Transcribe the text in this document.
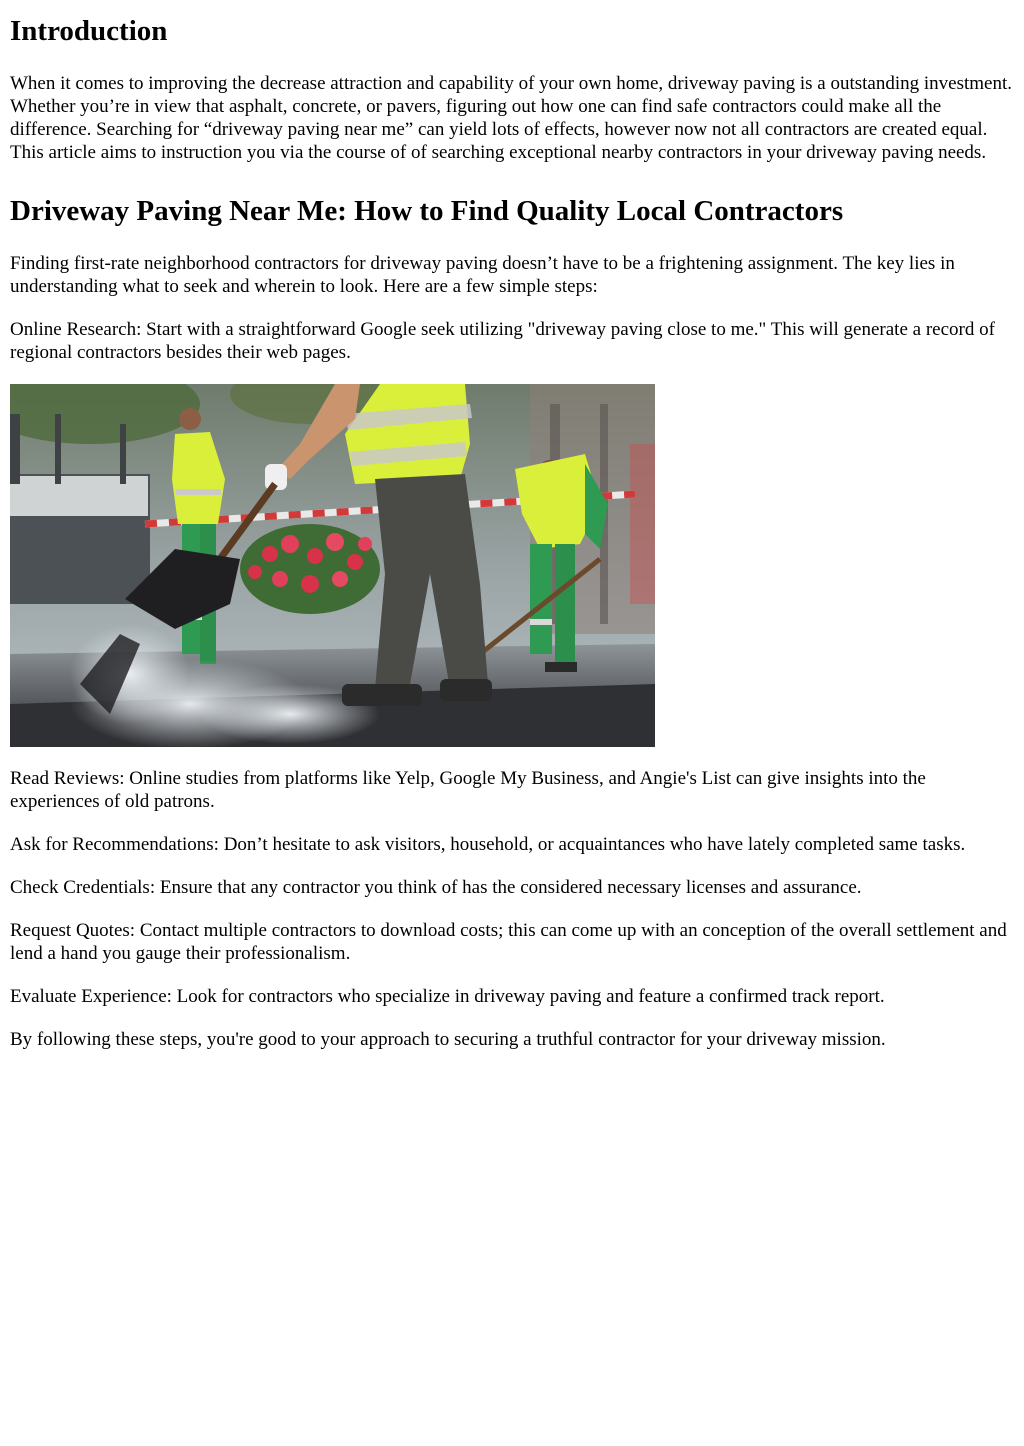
Introduction

When it comes to improving the decrease attraction and capability of your own home, driveway paving is a outstanding investment. Whether you’re in view that asphalt, concrete, or pavers, figuring out how one can find safe contractors could make all the difference. Searching for “driveway paving near me” can yield lots of effects, however now not all contractors are created equal. This article aims to instruction you via the course of of searching exceptional nearby contractors in your driveway paving needs.

Driveway Paving Near Me: How to Find Quality Local Contractors

Finding first-rate neighborhood contractors for driveway paving doesn’t have to be a frightening assignment. The key lies in understanding what to seek and wherein to look. Here are a few simple steps:

Online Research: Start with a straightforward Google seek utilizing "driveway paving close to me." This will generate a record of regional contractors besides their web pages.

Read Reviews: Online studies from platforms like Yelp, Google My Business, and Angie's List can give insights into the experiences of old patrons.

Ask for Recommendations: Don’t hesitate to ask visitors, household, or acquaintances who have lately completed same tasks.

Check Credentials: Ensure that any contractor you think of has the considered necessary licenses and assurance.

Request Quotes: Contact multiple contractors to download costs; this can come up with an conception of the overall settlement and lend a hand you gauge their professionalism.

Evaluate Experience: Look for contractors who specialize in driveway paving and feature a confirmed track report.

By following these steps, you're good to your approach to securing a truthful contractor for your driveway mission.
